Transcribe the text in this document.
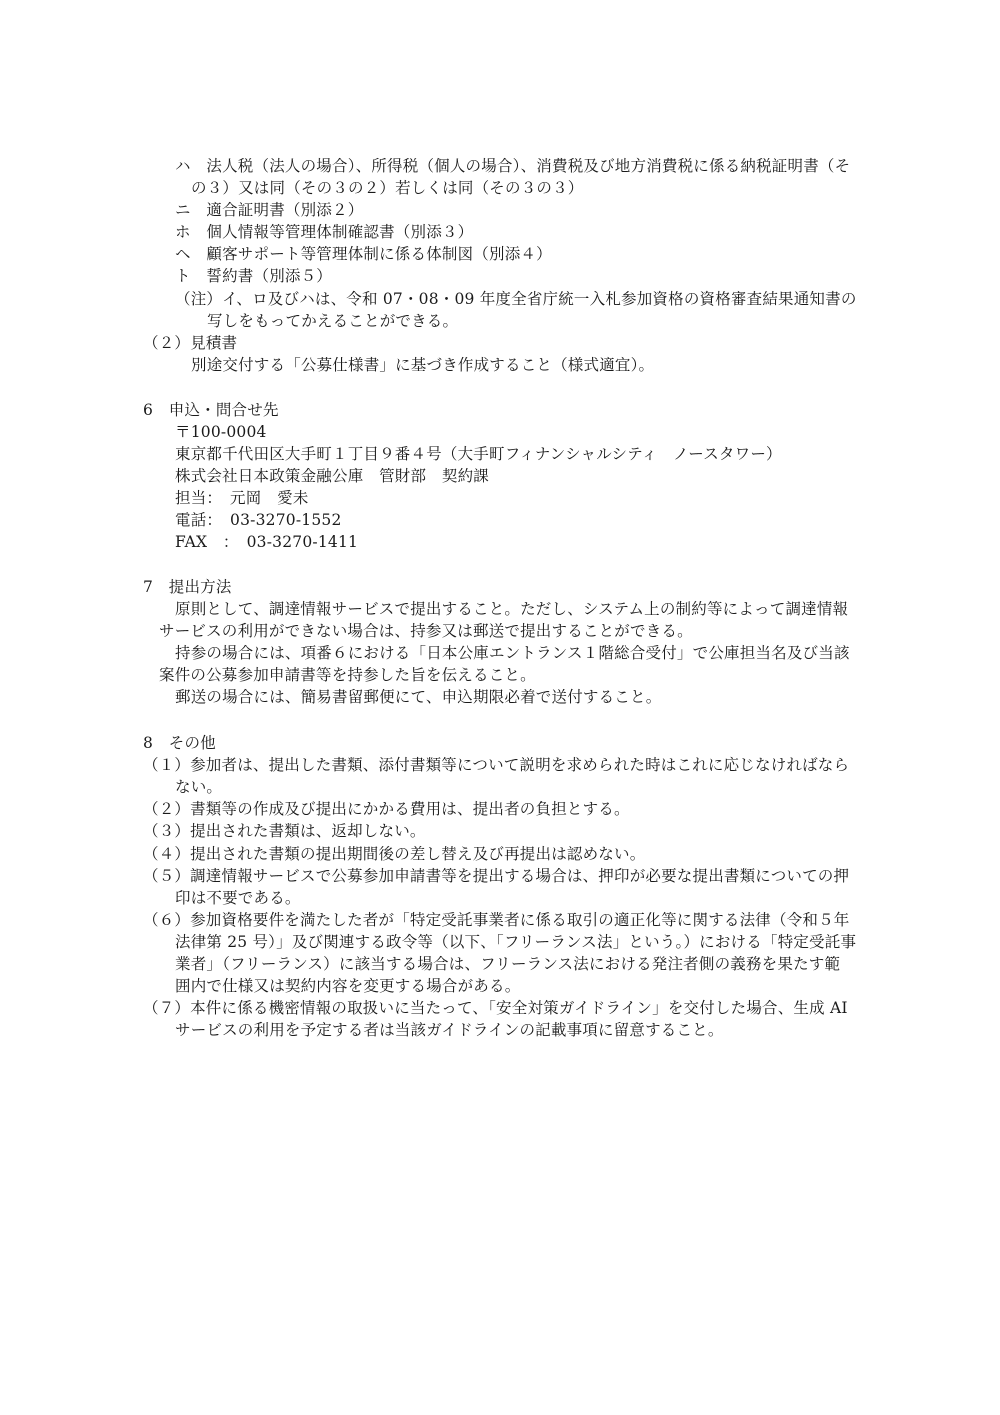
ハ　法人税（法人の場合）、所得税（個人の場合）、消費税及び地方消費税に係る納税証明書（そ
の３）又は同（その３の２）若しくは同（その３の３）
ニ　適合証明書（別添２）
ホ　個人情報等管理体制確認書（別添３）
ヘ　顧客サポート等管理体制に係る体制図（別添４）
ト　誓約書（別添５）
（注）イ、ロ及びハは、令和 07・08・09 年度全省庁統一入札参加資格の資格審査結果通知書の
写しをもってかえることができる。
（２）見積書
別途交付する「公募仕様書」に基づき作成すること（様式適宜）。
6　申込・問合せ先
〒100-0004
東京都千代田区大手町１丁目９番４号（大手町フィナンシャルシティ　ノースタワー）
株式会社日本政策金融公庫　管財部　契約課
担当：　元岡　愛未
電話：　03-3270-1552
FAX　：　03-3270-1411
7　提出方法
原則として、調達情報サービスで提出すること。ただし、システム上の制約等によって調達情報
サービスの利用ができない場合は、持参又は郵送で提出することができる。
持参の場合には、項番６における「日本公庫エントランス１階総合受付」で公庫担当名及び当該
案件の公募参加申請書等を持参した旨を伝えること。
郵送の場合には、簡易書留郵便にて、申込期限必着で送付すること。
8　その他
（１）参加者は、提出した書類、添付書類等について説明を求められた時はこれに応じなければなら
ない。
（２）書類等の作成及び提出にかかる費用は、提出者の負担とする。
（３）提出された書類は、返却しない。
（４）提出された書類の提出期間後の差し替え及び再提出は認めない。
（５）調達情報サービスで公募参加申請書等を提出する場合は、押印が必要な提出書類についての押
印は不要である。
（６）参加資格要件を満たした者が「特定受託事業者に係る取引の適正化等に関する法律（令和５年
法律第 25 号）」及び関連する政令等（以下、「フリーランス法」という。）における「特定受託事
業者」（フリーランス）に該当する場合は、フリーランス法における発注者側の義務を果たす範
囲内で仕様又は契約内容を変更する場合がある。
（７）本件に係る機密情報の取扱いに当たって、「安全対策ガイドライン」を交付した場合、生成 AI
サービスの利用を予定する者は当該ガイドラインの記載事項に留意すること。
